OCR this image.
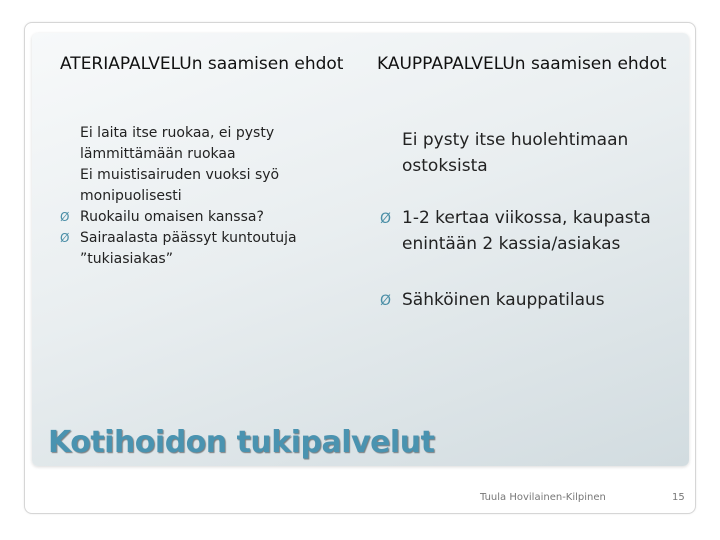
ATERIAPALVELUn saamisen ehdot	KAUPPAPALVELUn saamisen ehdot
Ei laita itse ruokaa, ei pysty lämmittämään ruokaa
Ei muistisairuden vuoksi syö monipuolisesti
Ø Ruokailu omaisen kanssa?
Ø Sairaalasta päässyt kuntoutuja ”tukiasiakas”
Ei pysty itse huolehtimaan ostoksista
Ø 1-2 kertaa viikossa, kaupasta enintään 2 kassia/asiakas
Ø Sähköinen kauppatilaus
Kotihoidon tukipalvelut
Tuula Hovilainen-Kilpinen	15
